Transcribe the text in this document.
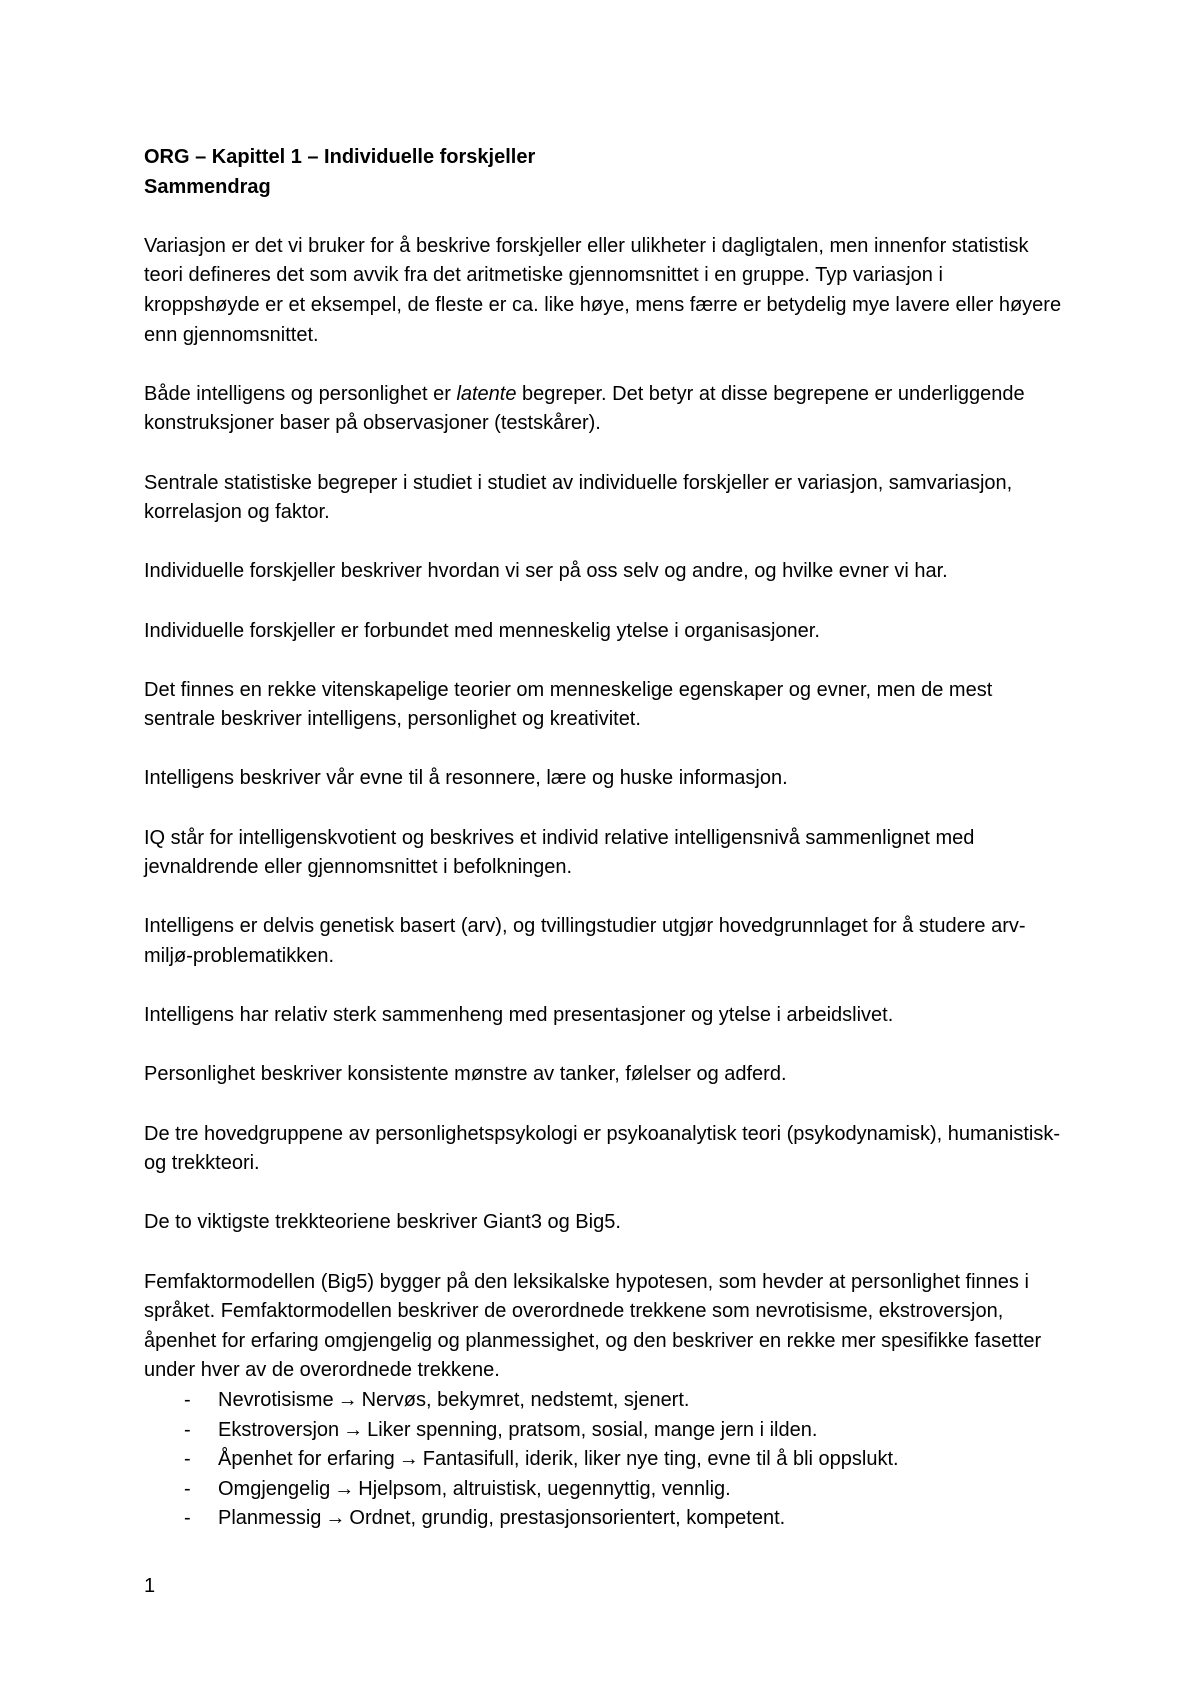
ORG – Kapittel 1 – Individuelle forskjeller

Sammendrag

Variasjon er det vi bruker for å beskrive forskjeller eller ulikheter i dagligtalen, men innenfor statistisk teori defineres det som avvik fra det aritmetiske gjennomsnittet i en gruppe. Typ variasjon i kroppshøyde er et eksempel, de fleste er ca. like høye, mens færre er betydelig mye lavere eller høyere enn gjennomsnittet.

Både intelligens og personlighet er latente begreper. Det betyr at disse begrepene er underliggende konstruksjoner baser på observasjoner (testskårer).

Sentrale statistiske begreper i studiet i studiet av individuelle forskjeller er variasjon, samvariasjon, korrelasjon og faktor.

Individuelle forskjeller beskriver hvordan vi ser på oss selv og andre, og hvilke evner vi har.

Individuelle forskjeller er forbundet med menneskelig ytelse i organisasjoner.

Det finnes en rekke vitenskapelige teorier om menneskelige egenskaper og evner, men de mest sentrale beskriver intelligens, personlighet og kreativitet.

Intelligens beskriver vår evne til å resonnere, lære og huske informasjon.

IQ står for intelligenskvotient og beskrives et individ relative intelligensnivå sammenlignet med jevnaldrende eller gjennomsnittet i befolkningen.

Intelligens er delvis genetisk basert (arv), og tvillingstudier utgjør hovedgrunnlaget for å studere arv-miljø-problematikken.

Intelligens har relativ sterk sammenheng med presentasjoner og ytelse i arbeidslivet.

Personlighet beskriver konsistente mønstre av tanker, følelser og adferd.

De tre hovedgruppene av personlighetspsykologi er psykoanalytisk teori (psykodynamisk), humanistisk- og trekkteori.

De to viktigste trekkteoriene beskriver Giant3 og Big5.

Femfaktormodellen (Big5) bygger på den leksikalske hypotesen, som hevder at personlighet finnes i språket. Femfaktormodellen beskriver de overordnede trekkene som nevrotisisme, ekstroversjon, åpenhet for erfaring omgjengelig og planmessighet, og den beskriver en rekke mer spesifikke fasetter under hver av de overordnede trekkene.

- Nevrotisisme → Nervøs, bekymret, nedstemt, sjenert.
- Ekstroversjon → Liker spenning, pratsom, sosial, mange jern i ilden.
- Åpenhet for erfaring → Fantasifull, iderik, liker nye ting, evne til å bli oppslukt.
- Omgjengelig → Hjelpsom, altruistisk, uegennyttig, vennlig.
- Planmessig → Ordnet, grundig, prestasjonsorientert, kompetent.
1
